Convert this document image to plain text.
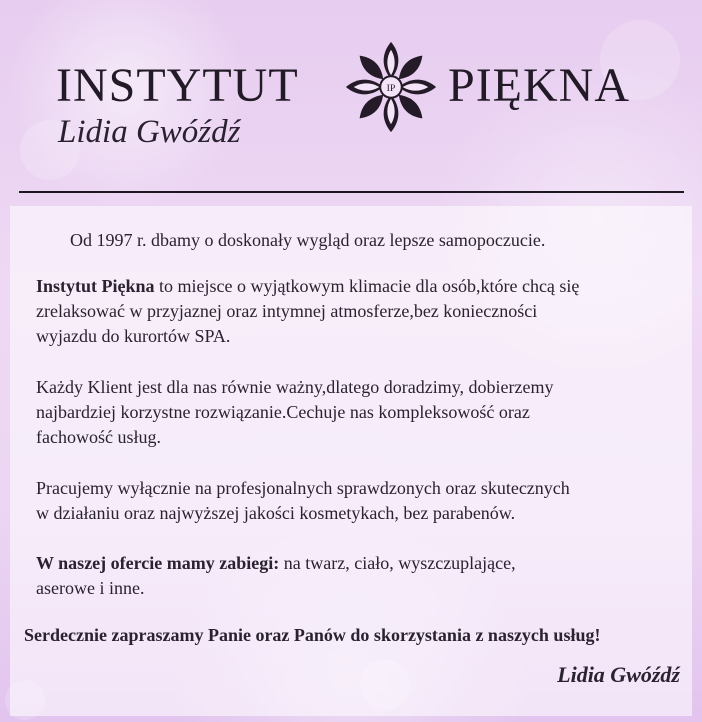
INSTYTUT	IP PIĘKNA
Lidia Gwóźdź

Od 1997 r. dbamy o doskonały wygląd oraz lepsze samopoczucie.

Instytut Piękna to miejsce o wyjątkowym klimacie dla osób,które chcą się
zrelaksować w przyjaznej oraz intymnej atmosferze,bez konieczności
wyjazdu do kurortów SPA.

Każdy Klient jest dla nas równie ważny,dlatego doradzimy, dobierzemy
najbardziej korzystne rozwiązanie.Cechuje nas kompleksowość oraz
fachowość usług.

Pracujemy wyłącznie na profesjonalnych sprawdzonych oraz skutecznych
w działaniu oraz najwyższej jakości kosmetykach, bez parabenów.

W naszej ofercie mamy zabiegi: na twarz, ciało, wyszczuplające,
aserowe i inne.

Serdecznie zapraszamy Panie oraz Panów do skorzystania z naszych usług!

Lidia Gwóźdź
